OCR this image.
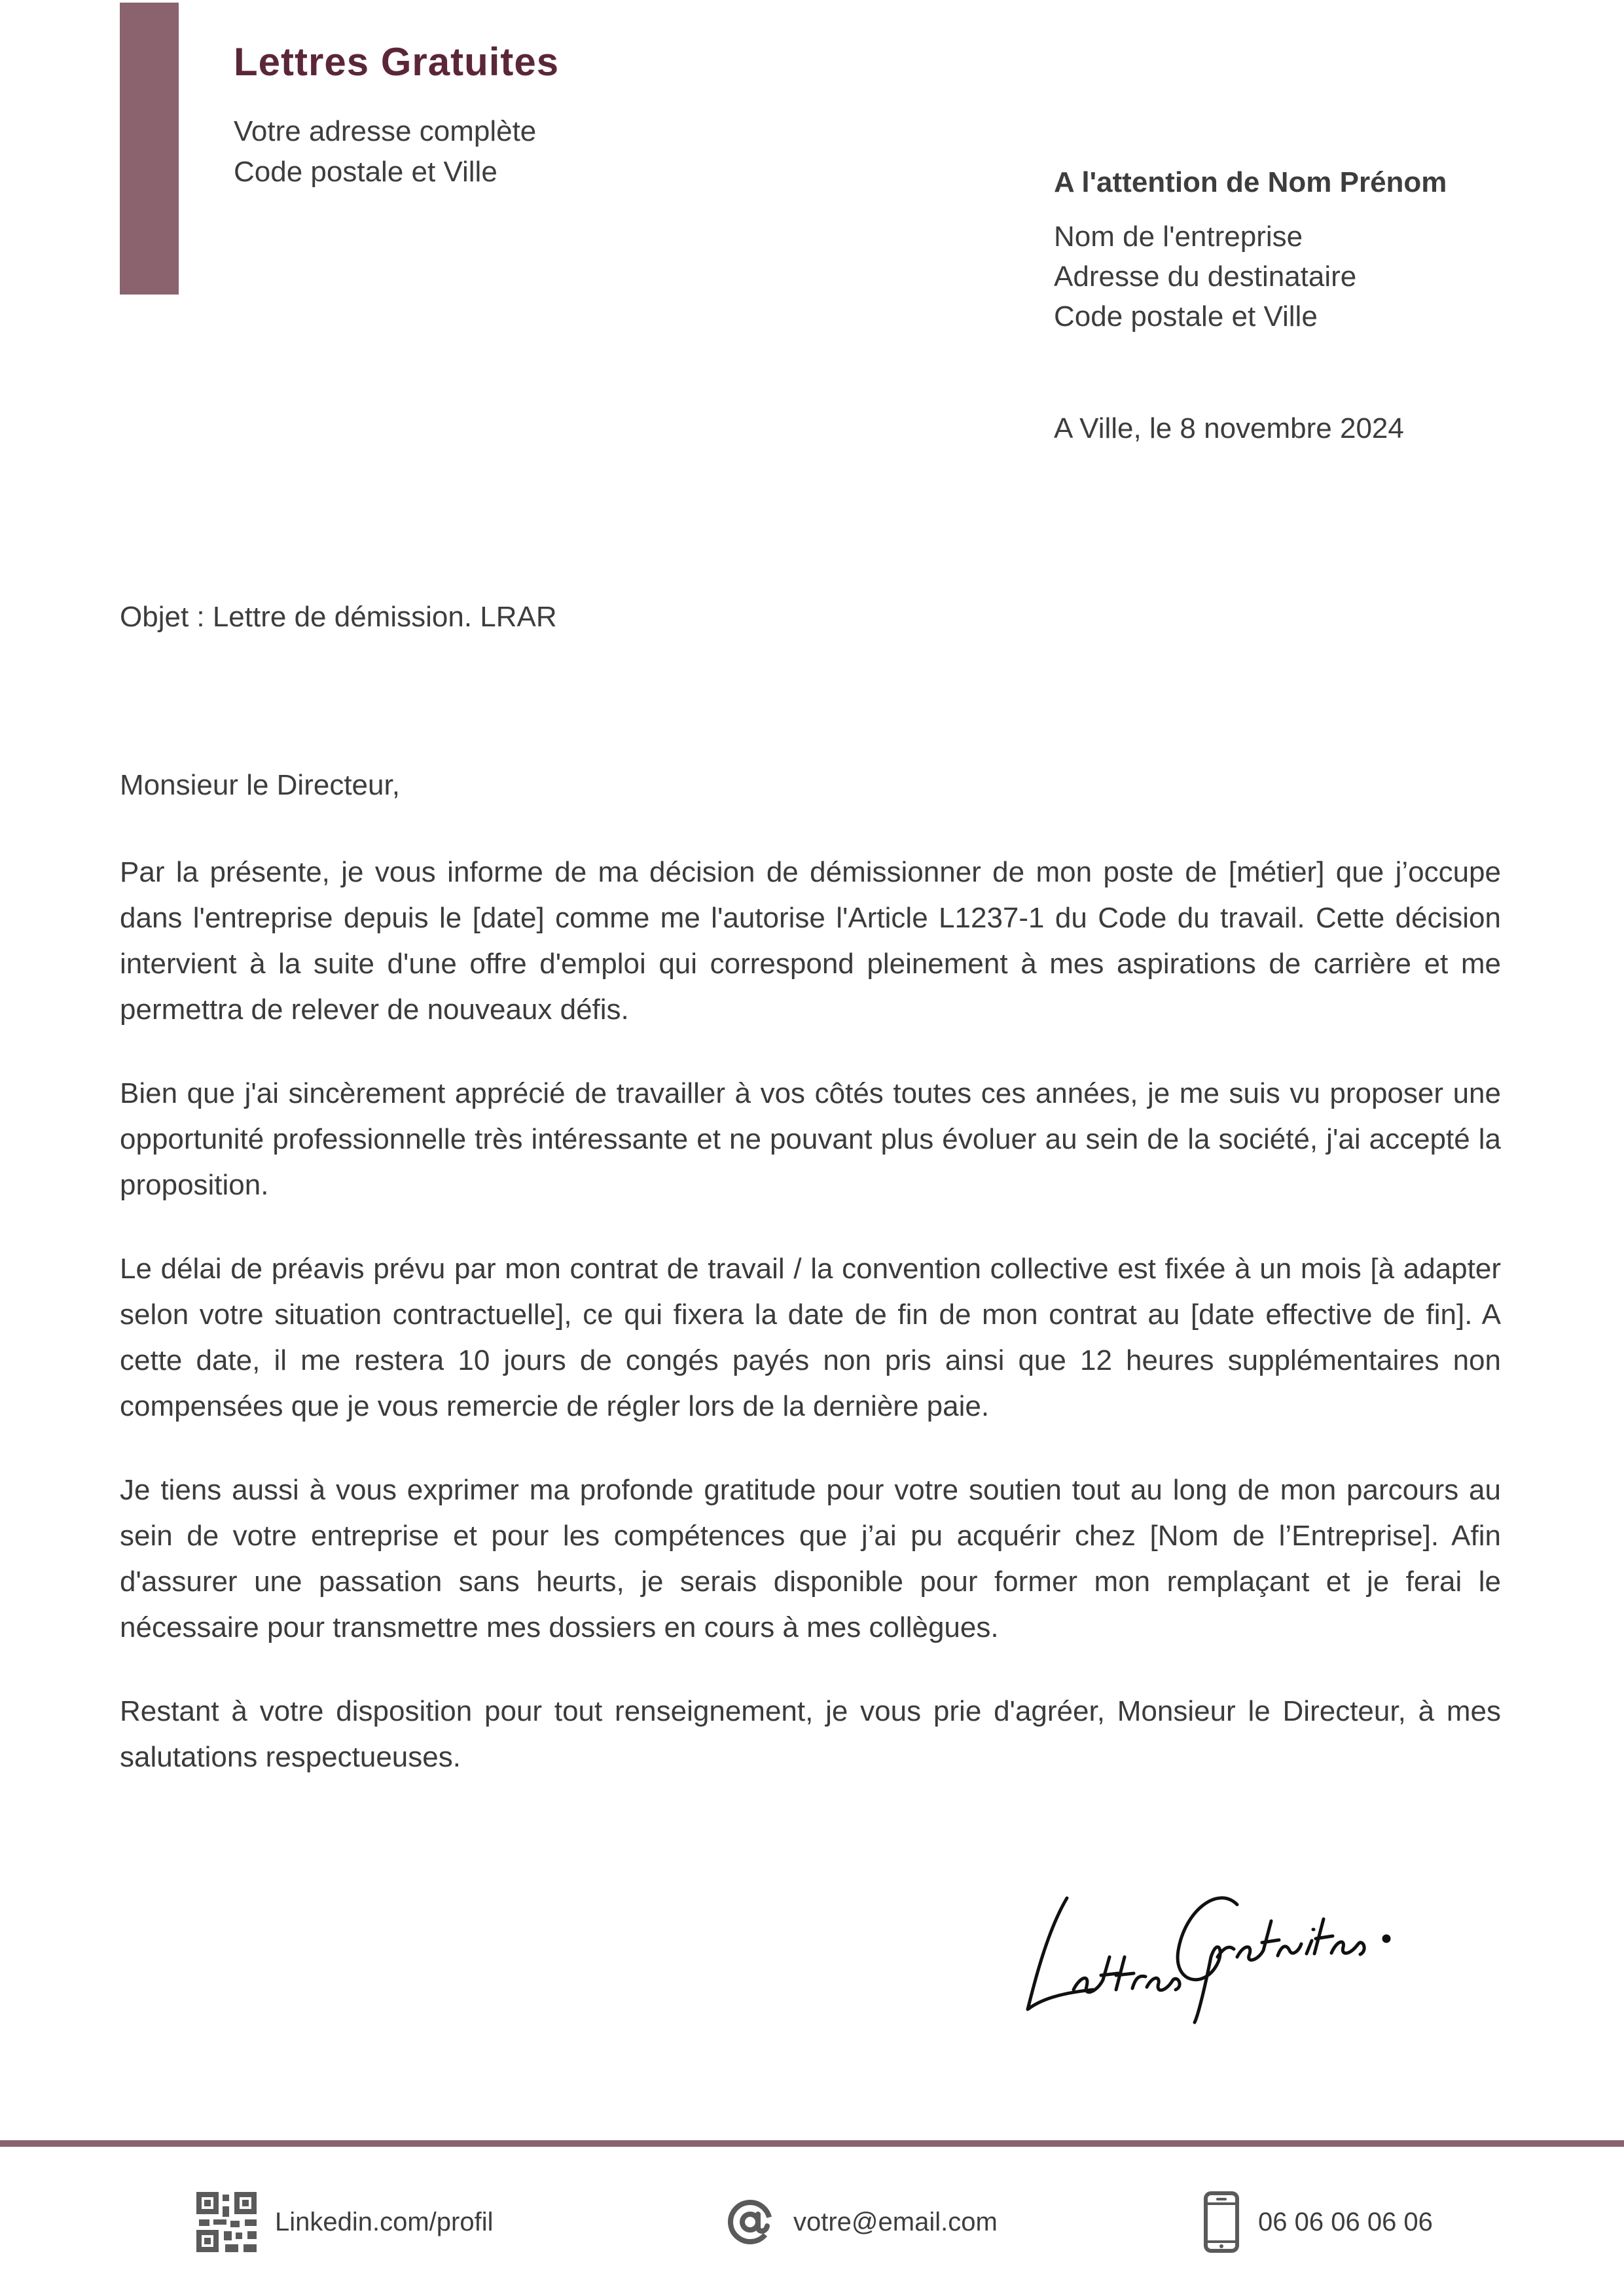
Lettres Gratuites
Votre adresse complète
Code postale et Ville	A l'attention de Nom Prénom
Nom de l'entreprise
Adresse du destinataire
Code postale et Ville
A Ville, le 8 novembre 2024
Objet : Lettre de démission. LRAR
Monsieur le Directeur,

Par la présente, je vous informe de ma décision de démissionner de mon poste de [métier] que j’occupe dans l'entreprise depuis le [date] comme me l'autorise l'Article L1237-1 du Code du travail. Cette décision intervient à la suite d'une offre d'emploi qui correspond pleinement à mes aspirations de carrière et me permettra de relever de nouveaux défis.

Bien que j'ai sincèrement apprécié de travailler à vos côtés toutes ces années, je me suis vu proposer une opportunité professionnelle très intéressante et ne pouvant plus évoluer au sein de la société, j'ai accepté la proposition.

Le délai de préavis prévu par mon contrat de travail / la convention collective est fixée à un mois [à adapter selon votre situation contractuelle], ce qui fixera la date de fin de mon contrat au [date effective de fin]. A cette date, il me restera 10 jours de congés payés non pris ainsi que 12 heures supplémentaires non compensées que je vous remercie de régler lors de la dernière paie.

Je tiens aussi à vous exprimer ma profonde gratitude pour votre soutien tout au long de mon parcours au sein de votre entreprise et pour les compétences que j’ai pu acquérir chez [Nom de l’Entreprise]. Afin d'assurer une passation sans heurts, je serais disponible pour former mon remplaçant et je ferai le nécessaire pour transmettre mes dossiers en cours à mes collègues.

Restant à votre disposition pour tout renseignement, je vous prie d'agréer, Monsieur le Directeur, à mes salutations respectueuses.

Linkedin.com/profil	votre@email.com	06 06 06 06 06
